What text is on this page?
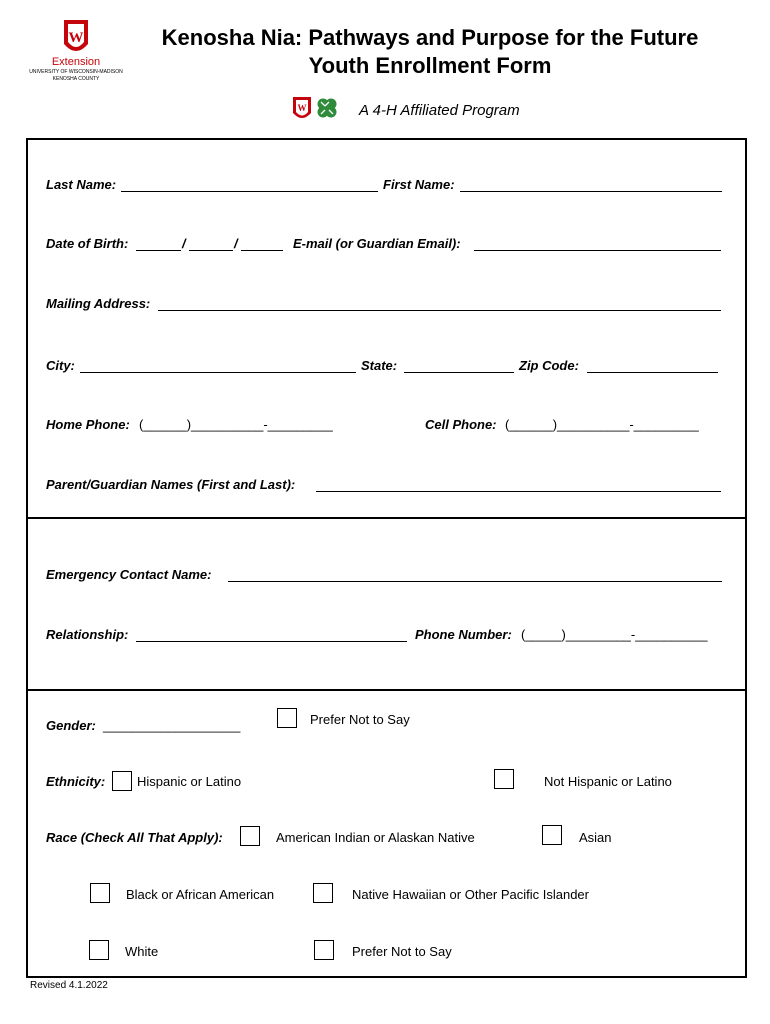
W
Extension
UNIVERSITY OF WISCONSIN-MADISON
KENOSHA COUNTY
Kenosha Nia: Pathways and Purpose for the Future
Youth Enrollment Form
W	A 4-H Affiliated Program
Last Name:	First Name:
Date of Birth:	/	/	E-mail (or Guardian Email):
Mailing Address:
City:	State:	Zip Code:
Home Phone: (______)__________-_________	Cell Phone: (______)__________-_________
Parent/Guardian Names (First and Last):
Emergency Contact Name:
Relationship:	Phone Number: (_____)_________-__________
Gender: ___________________	Prefer Not to Say
Ethnicity: Hispanic or Latino	Not Hispanic or Latino
Race (Check All That Apply):	American Indian or Alaskan Native	Asian
Black or African American	Native Hawaiian or Other Pacific Islander
White	Prefer Not to Say
Revised 4.1.2022
